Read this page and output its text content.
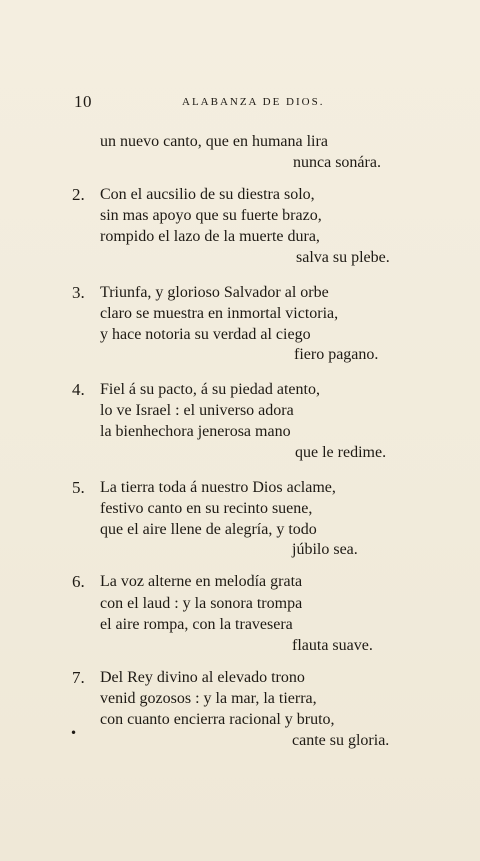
10	ALABANZA DE DIOS.
un nuevo canto, que en humana lira
nunca sonára.
2. Con el aucsilio de su diestra solo,
sin mas apoyo que su fuerte brazo,
rompido el lazo de la muerte dura,
salva su plebe.
3. Triunfa, y glorioso Salvador al orbe
claro se muestra en inmortal victoria,
y hace notoria su verdad al ciego
fiero pagano.
4. Fiel á su pacto, á su piedad atento,
lo ve Israel : el universo adora
la bienhechora jenerosa mano
que le redime.
5. La tierra toda á nuestro Dios aclame,
festivo canto en su recinto suene,
que el aire llene de alegría, y todo
júbilo sea.
6. La voz alterne en melodía grata
con el laud : y la sonora trompa
el aire rompa, con la travesera
flauta suave.
7. Del Rey divino al elevado trono
venid gozosos : y la mar, la tierra,
con cuanto encierra racional y bruto,
cante su gloria.
•
